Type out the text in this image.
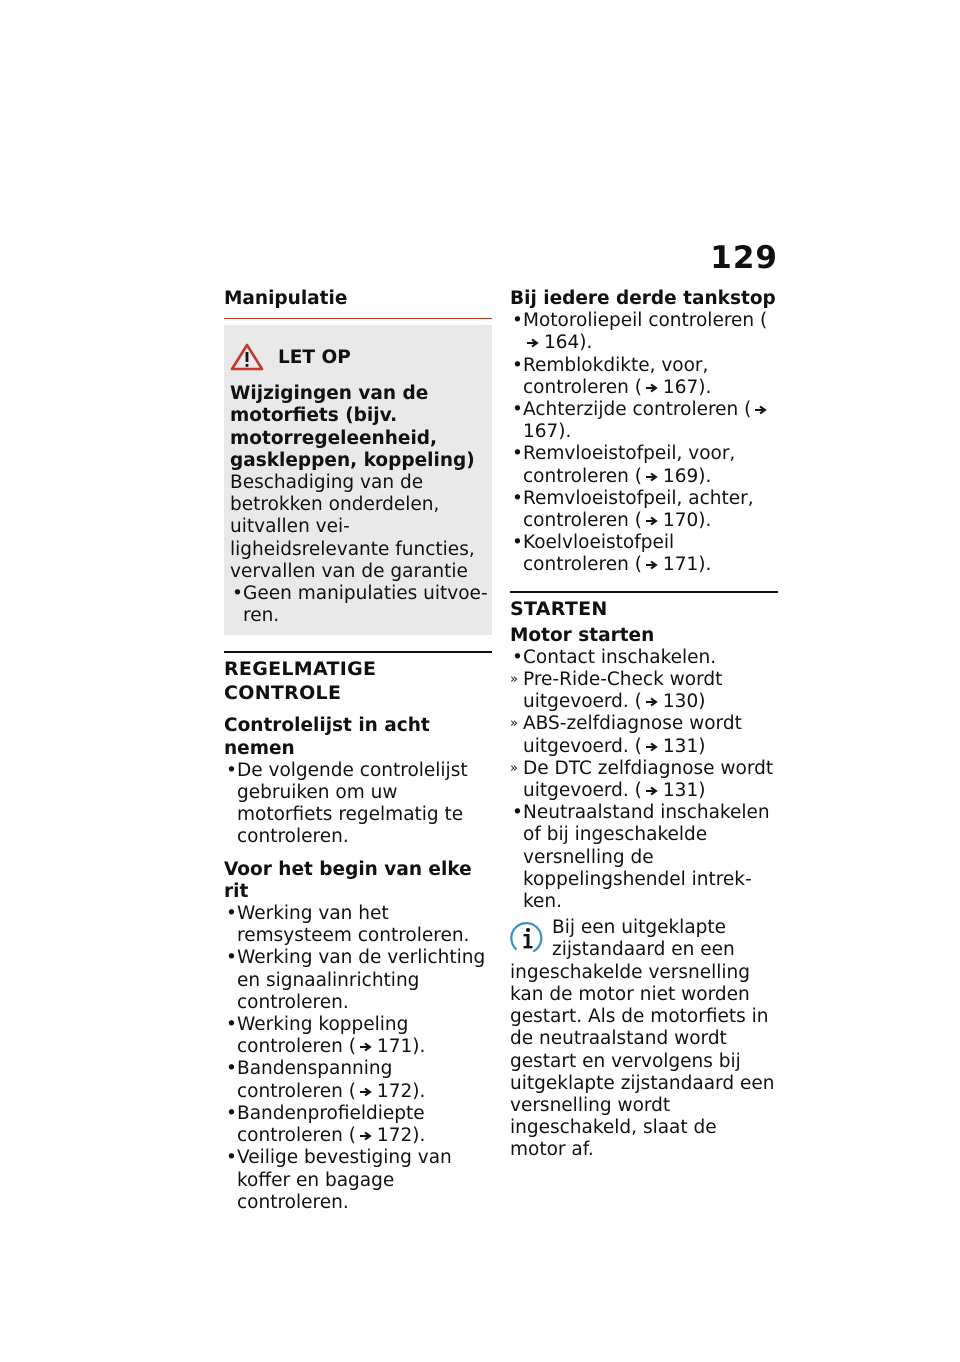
129
Manipulatie
LET OP
Wijzigingen van de motorfiets (bijv. motorregeleenheid, gaskleppen, koppeling)
Beschadiging van de betrokken onderdelen, uitvallen veiligheidsrelevante functies, vervallen van de garantie
• Geen manipulaties uitvoeren.
REGELMATIGE CONTROLE
Controlelijst in acht nemen
• De volgende controlelijst gebruiken om uw motorfiets regelmatig te controleren.
Voor het begin van elke rit
• Werking van het remsysteem controleren.
• Werking van de verlichting en signaalinrichting controleren.
• Werking koppeling controleren ( 171).
• Bandenspanning controleren ( 172).
• Bandenprofieldiepte controleren ( 172).
• Veilige bevestiging van koffer en bagage controleren.
Bij iedere derde tankstop
• Motoroliepeil controleren (164).
• Remblokdikte, voor, controleren ( 167).
• Achterzijde controleren (167).
• Remvloeistofpeil, voor, controleren ( 169).
• Remvloeistofpeil, achter, controleren ( 170).
• Koelvloeistofpeil controleren ( 171).
STARTEN
Motor starten
• Contact inschakelen.
» Pre-Ride-Check wordt uitgevoerd. ( 130)
» ABS-zelfdiagnose wordt uitgevoerd. ( 131)
» De DTC zelfdiagnose wordt uitgevoerd. ( 131)
• Neutraalstand inschakelen of bij ingeschakelde versnelling de koppelingshendel intrekken.
Bij een uitgeklapte zijstandaard en een ingeschakelde versnelling kan de motor niet worden gestart. Als de motorfiets in de neutraalstand wordt gestart en vervolgens bij uitgeklapte zijstandaard een versnelling wordt ingeschakeld, slaat de motor af.
